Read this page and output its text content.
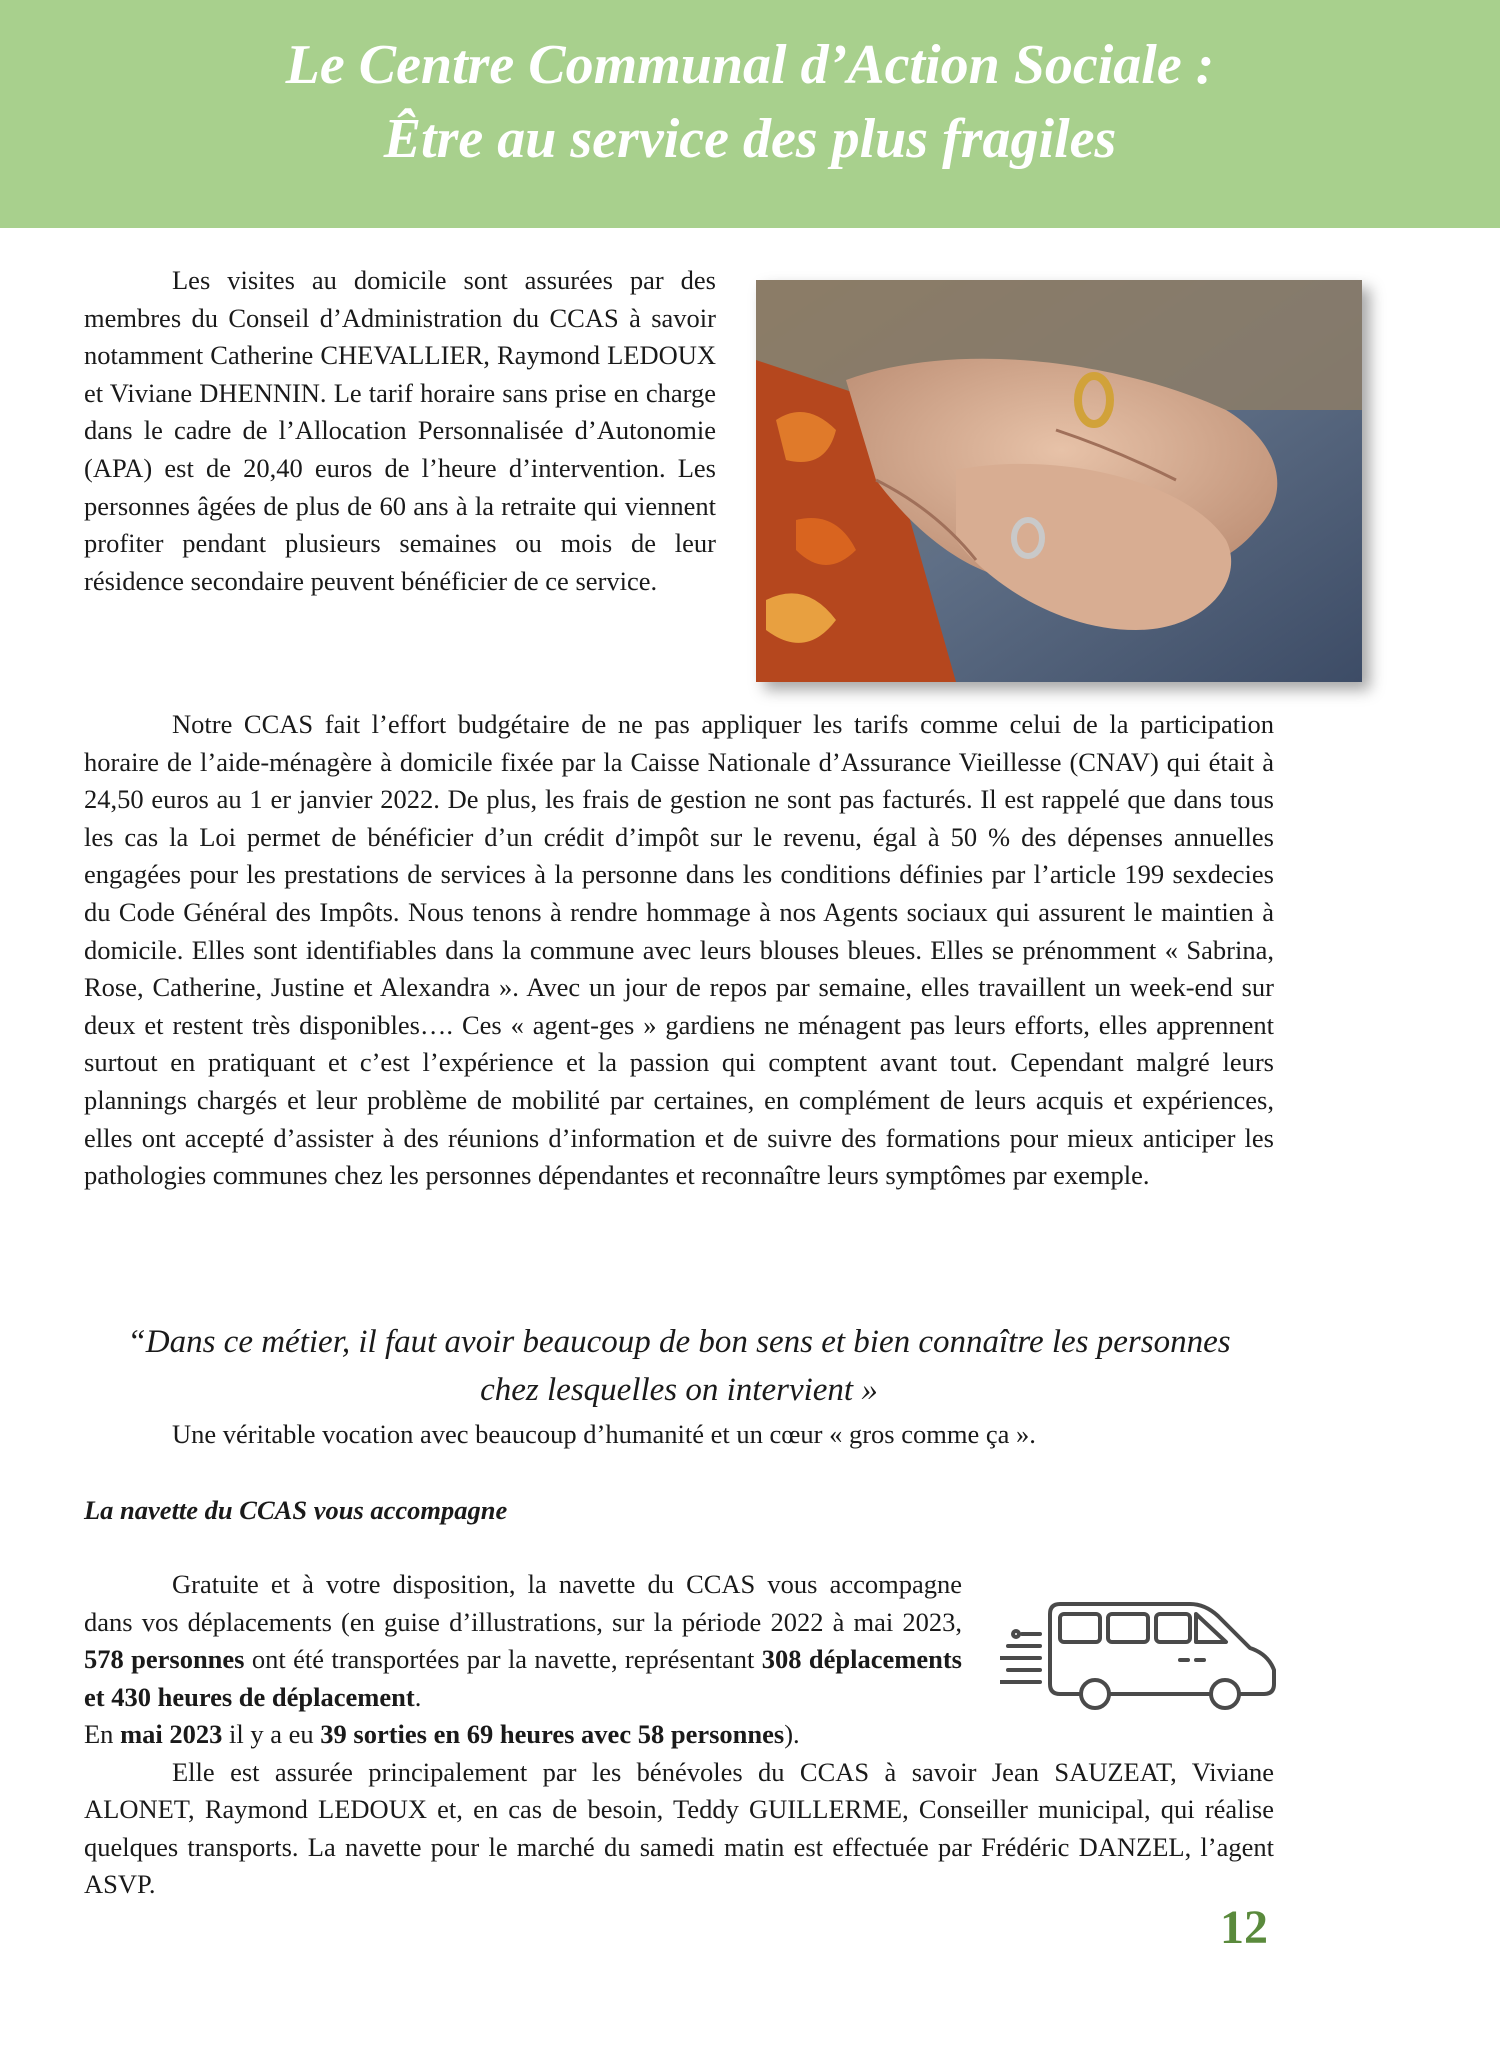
Le Centre Communal d’Action Sociale :
Être au service des plus fragiles

Les visites au domicile sont assurées par des membres du Conseil d’Administration du CCAS à savoir notamment Catherine CHEVALLIER, Raymond LEDOUX et Viviane DHENNIN. Le tarif horaire sans prise en charge dans le cadre de l’Allocation Personnalisée d’Autonomie (APA) est de 20,40 euros de l’heure d’intervention. Les personnes âgées de plus de 60 ans à la retraite qui viennent profiter pendant plusieurs semaines ou mois de leur résidence secondaire peuvent bénéficier de ce service.

Notre CCAS fait l’effort budgétaire de ne pas appliquer les tarifs comme celui de la participation horaire de l’aide-ménagère à domicile fixée par la Caisse Nationale d’Assurance Vieillesse (CNAV) qui était à 24,50 euros au 1 er janvier 2022. De plus, les frais de gestion ne sont pas facturés. Il est rappelé que dans tous les cas la Loi permet de bénéficier d’un crédit d’impôt sur le revenu, égal à 50 % des dépenses annuelles engagées pour les prestations de services à la personne dans les conditions définies par l’article 199 sexdecies du Code Général des Impôts. Nous tenons à rendre hommage à nos Agents sociaux qui assurent le maintien à domicile. Elles sont identifiables dans la commune avec leurs blouses bleues. Elles se prénomment « Sabrina, Rose, Catherine, Justine et Alexandra ». Avec un jour de repos par semaine, elles travaillent un week-end sur deux et restent très disponibles…. Ces « agent-ges » gardiens ne ménagent pas leurs efforts, elles apprennent surtout en pratiquant et c’est l’expérience et la passion qui comptent avant tout. Cependant malgré leurs plannings chargés et leur problème de mobilité par certaines, en complément de leurs acquis et expériences, elles ont accepté d’assister à des réunions d’information et de suivre des formations pour mieux anticiper les pathologies communes chez les personnes dépendantes et reconnaître leurs symptômes par exemple.

“Dans ce métier, il faut avoir beaucoup de bon sens et bien connaître les personnes
chez lesquelles on intervient »
Une véritable vocation avec beaucoup d’humanité et un cœur « gros comme ça ».
La navette du CCAS vous accompagne

Gratuite et à votre disposition, la navette du CCAS vous accompagne dans vos déplacements (en guise d’illustrations, sur la période 2022 à mai 2023, 578 personnes ont été transportées par la navette, représentant 308 déplacements et 430 heures de déplacement.

En mai 2023 il y a eu 39 sorties en 69 heures avec 58 personnes).

Elle est assurée principalement par les bénévoles du CCAS à savoir Jean SAUZEAT, Viviane ALONET, Raymond LEDOUX et, en cas de besoin, Teddy GUILLERME, Conseiller municipal, qui réalise quelques transports. La navette pour le marché du samedi matin est effectuée par Frédéric DANZEL, l’agent ASVP.

12
